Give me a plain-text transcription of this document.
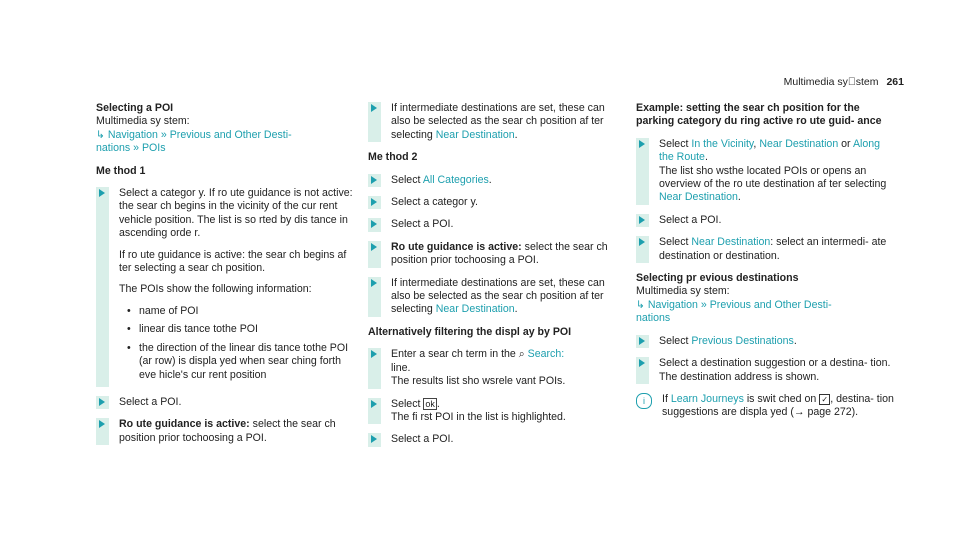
Multimedia sy stem 261
Selecting a POI
Multimedia sy stem:
↳ Navigation » Previous and Other Desti-
nations » POIs
Me thod 1

Select a categor y. If ro ute guidance is not active: the sear ch begins in the vicinity of the cur rent vehicle position. The list is so rted by dis tance in ascending orde r.

If ro ute guidance is active: the sear ch begins af ter selecting a sear ch position.

The POIs show the following information:

• name of POI
• linear dis tance tothe POI
• the direction of the linear dis tance tothe POI (ar row) is displa yed when sear ching forth eve hicle's cur rent position

Select a POI.

Ro ute guidance is active: select the sear ch position prior tochoosing a POI.

If intermediate destinations are set, these can also be selected as the sear ch position af ter selecting Near Destination.

Me thod 2

Select All Categories.

Select a categor y.

Select a POI.

Ro ute guidance is active: select the sear ch position prior tochoosing a POI.

If intermediate destinations are set, these can also be selected as the sear ch position af ter selecting Near Destination.

Alternatively filtering the displ ay by POI

Enter a sear ch term in the ⌕ Search:
line.
The results list sho wsrele vant POIs.

Select ok .
The fi rst POI in the list is highlighted.

Select a POI.

Example: setting the sear ch position for the parking category du ring active ro ute guid- ance

Select In the Vicinity, Near Destination or Along the Route.
The list sho wsthe located POIs or opens an overview of the ro ute destination af ter selecting Near Destination.

Select a POI.

Select Near Destination: select an intermedi- ate destination or destination.

Selecting pr evious destinations
Multimedia sy stem:
↳ Navigation » Previous and Other Desti-
nations

Select Previous Destinations.

Select a destination suggestion or a destina- tion.
The destination address is shown.

i	If Learn Journeys is swit ched on ✓ , destina- tion suggestions are displa yed (→ page 272).
